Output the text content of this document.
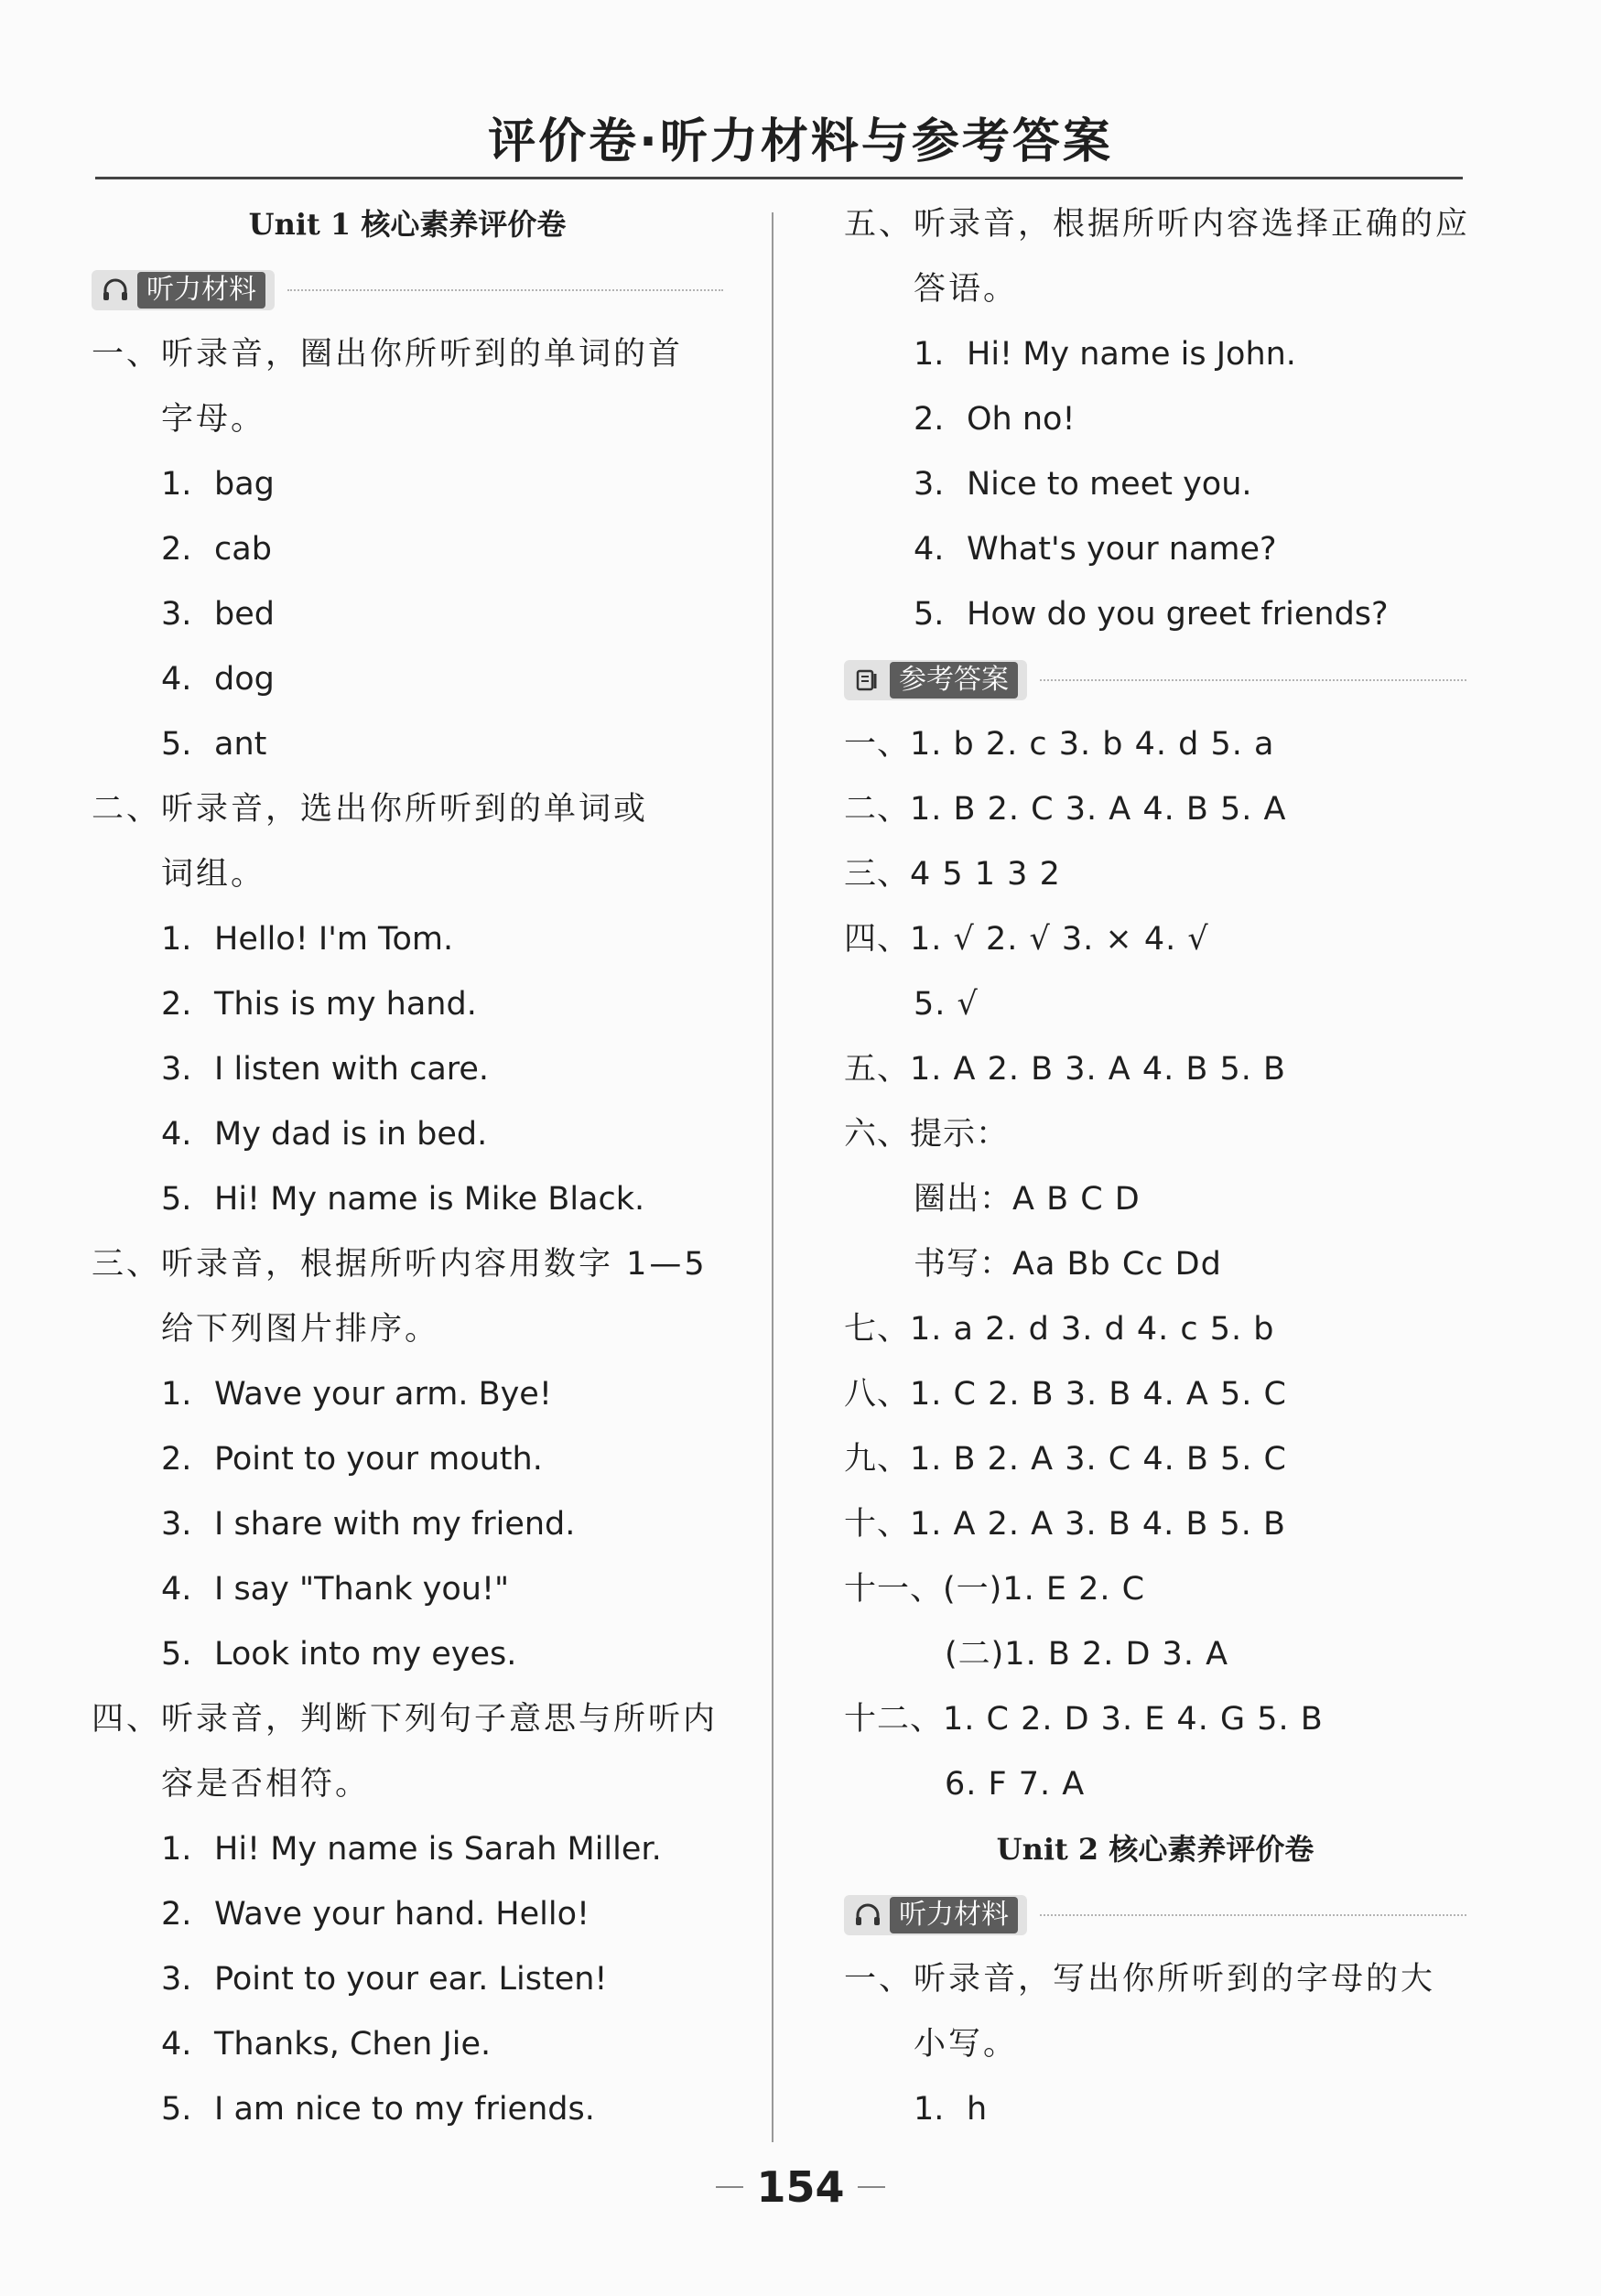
评价卷·听力材料与参考答案
Unit 1 核心素养评价卷
听力材料
一、听录音，圈出你所听到的单词的首
字母。
1. bag
2. cab
3. bed
4. dog
5. ant
二、听录音，选出你所听到的单词或
词组。
1. Hello! I'm Tom.
2. This is my hand.
3. I listen with care.
4. My dad is in bed.
5. Hi! My name is Mike Black.
三、听录音，根据所听内容用数字 1—5
给下列图片排序。
1. Wave your arm. Bye!
2. Point to your mouth.
3. I share with my friend.
4. I say "Thank you!"
5. Look into my eyes.
四、听录音，判断下列句子意思与所听内
容是否相符。
1. Hi! My name is Sarah Miller.
2. Wave your hand. Hello!
3. Point to your ear. Listen!
4. Thanks, Chen Jie.
5. I am nice to my friends.
五、听录音，根据所听内容选择正确的应
答语。
1. Hi! My name is John.
2. Oh no!
3. Nice to meet you.
4. What's your name?
5. How do you greet friends?
参考答案
一、1. b 2. c 3. b 4. d 5. a
二、1. B 2. C 3. A 4. B 5. A
三、4 5 1 3 2
四、1. √ 2. √ 3. × 4. √
5. √
五、1. A 2. B 3. A 4. B 5. B
六、提示：
圈出：A B C D
书写：Aa Bb Cc Dd
七、1. a 2. d 3. d 4. c 5. b
八、1. C 2. B 3. B 4. A 5. C
九、1. B 2. A 3. C 4. B 5. C
十、1. A 2. A 3. B 4. B 5. B
十一、(一)1. E 2. C
(二)1. B 2. D 3. A
十二、1. C 2. D 3. E 4. G 5. B
6. F 7. A
Unit 2 核心素养评价卷
听力材料
一、听录音，写出你所听到的字母的大
小写。
1. h
154
